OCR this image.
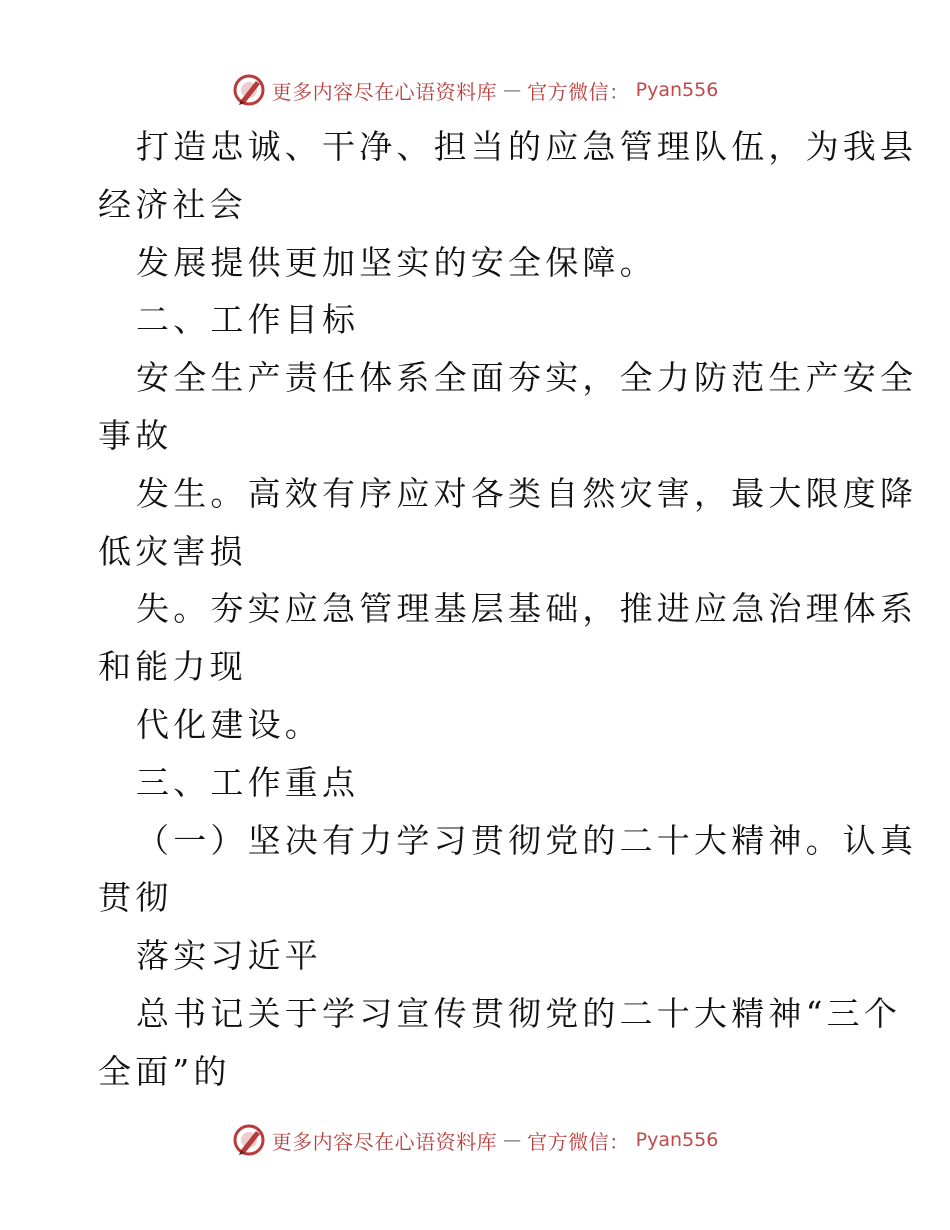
更多内容尽在心语资料库 — 官方微信： Pyan556
打造忠诚、干净、担当的应急管理队伍，为我县
经济社会
发展提供更加坚实的安全保障。
二、工作目标
安全生产责任体系全面夯实，全力防范生产安全
事故
发生。高效有序应对各类自然灾害，最大限度降
低灾害损
失。夯实应急管理基层基础，推进应急治理体系
和能力现
代化建设。
三、工作重点
（一）坚决有力学习贯彻党的二十大精神。认真
贯彻
落实习近平
总书记关于学习宣传贯彻党的二十大精神“三个
全面”的
更多内容尽在心语资料库 — 官方微信： Pyan556
